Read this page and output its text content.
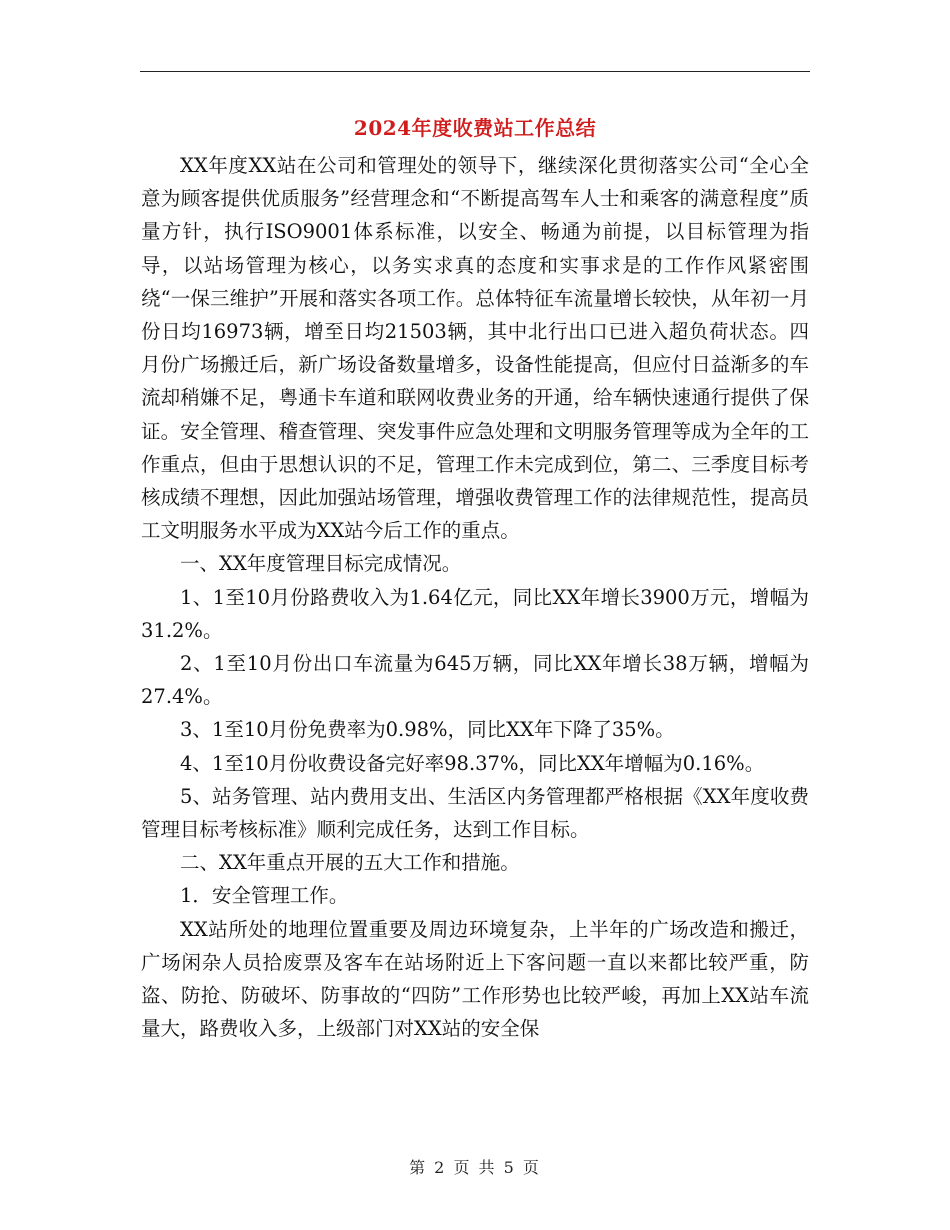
2024年度收费站工作总结

XX年度XX站在公司和管理处的领导下，继续深化贯彻落实公司“全心全意为顾客提供优质服务”经营理念和“不断提高驾车人士和乘客的满意程度”质量方针，执行ISO9001体系标准，以安全、畅通为前提，以目标管理为指导，以站场管理为核心，以务实求真的态度和实事求是的工作作风紧密围绕“一保三维护”开展和落实各项工作。总体特征车流量增长较快，从年初一月份日均16973辆，增至日均21503辆，其中北行出口已进入超负荷状态。四月份广场搬迁后，新广场设备数量增多，设备性能提高，但应付日益渐多的车流却稍嫌不足，粤通卡车道和联网收费业务的开通，给车辆快速通行提供了保证。安全管理、稽查管理、突发事件应急处理和文明服务管理等成为全年的工作重点，但由于思想认识的不足，管理工作未完成到位，第二、三季度目标考核成绩不理想，因此加强站场管理，增强收费管理工作的法律规范性，提高员工文明服务水平成为XX站今后工作的重点。

一、XX年度管理目标完成情况。

1、1至10月份路费收入为1.64亿元，同比XX年增长3900万元，增幅为31.2%。

2、1至10月份出口车流量为645万辆，同比XX年增长38万辆，增幅为27.4%。

3、1至10月份免费率为0.98%，同比XX年下降了35%。

4、1至10月份收费设备完好率98.37%，同比XX年增幅为0.16%。

5、站务管理、站内费用支出、生活区内务管理都严格根据《XX年度收费管理目标考核标准》顺利完成任务，达到工作目标。

二、XX年重点开展的五大工作和措施。

1．安全管理工作。

XX站所处的地理位置重要及周边环境复杂，上半年的广场改造和搬迁，广场闲杂人员拾废票及客车在站场附近上下客问题一直以来都比较严重，防盗、防抢、防破坏、防事故的“四防”工作形势也比较严峻，再加上XX站车流量大，路费收入多，上级部门对XX站的安全保

第 2 页 共 5 页
